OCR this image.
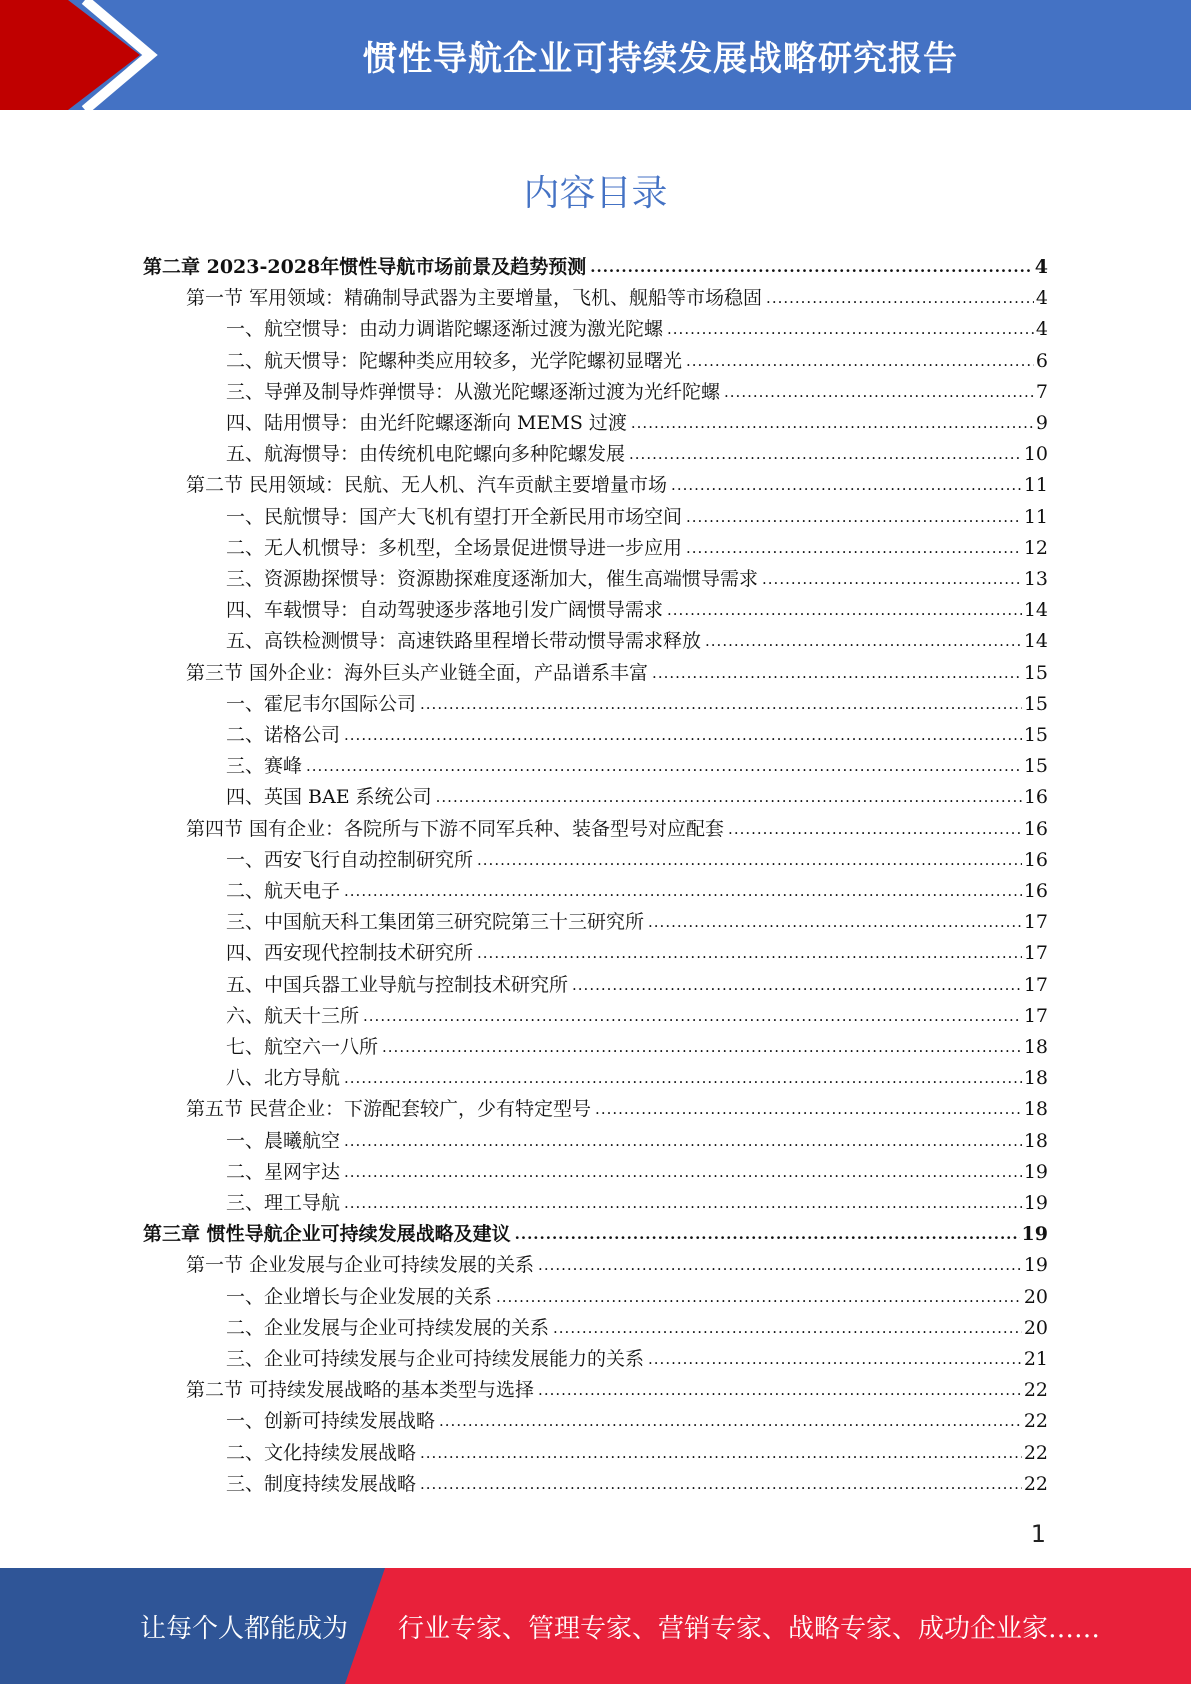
惯性导航企业可持续发展战略研究报告
内容目录
第二章 2023-2028年惯性导航市场前景及趋势预测 .....	4
第一节 军用领域：精确制导武器为主要增量，飞机、舰船等市场稳固 .....	4
一、航空惯导：由动力调谐陀螺逐渐过渡为激光陀螺 .....	4
二、航天惯导：陀螺种类应用较多，光学陀螺初显曙光 .....	6
三、导弹及制导炸弹惯导：从激光陀螺逐渐过渡为光纤陀螺 .....	7
四、陆用惯导：由光纤陀螺逐渐向 MEMS 过渡 .....	9
五、航海惯导：由传统机电陀螺向多种陀螺发展 .....	10
第二节 民用领域：民航、无人机、汽车贡献主要增量市场 .....	11
一、民航惯导：国产大飞机有望打开全新民用市场空间 .....	11
二、无人机惯导：多机型，全场景促进惯导进一步应用 .....	12
三、资源勘探惯导：资源勘探难度逐渐加大，催生高端惯导需求 .....	13
四、车载惯导：自动驾驶逐步落地引发广阔惯导需求 .....	14
五、高铁检测惯导：高速铁路里程增长带动惯导需求释放 .....	14
第三节 国外企业：海外巨头产业链全面，产品谱系丰富 .....	15
一、霍尼韦尔国际公司 .....	15
二、诺格公司 .....	15
三、赛峰 .....	15
四、英国 BAE 系统公司 .....	16
第四节 国有企业：各院所与下游不同军兵种、装备型号对应配套 .....	16
一、西安飞行自动控制研究所 .....	16
二、航天电子 .....	16
三、中国航天科工集团第三研究院第三十三研究所 .....	17
四、西安现代控制技术研究所 .....	17
五、中国兵器工业导航与控制技术研究所 .....	17
六、航天十三所 .....	17
七、航空六一八所 .....	18
八、北方导航 .....	18
第五节 民营企业：下游配套较广，少有特定型号 .....	18
一、晨曦航空 .....	18
二、星网宇达 .....	19
三、理工导航 .....	19
第三章 惯性导航企业可持续发展战略及建议 .....	19
第一节 企业发展与企业可持续发展的关系 .....	19
一、企业增长与企业发展的关系 .....	20
二、企业发展与企业可持续发展的关系 .....	20
三、企业可持续发展与企业可持续发展能力的关系 .....	21
第二节 可持续发展战略的基本类型与选择 .....	22
一、创新可持续发展战略 .....	22
二、文化持续发展战略 .....	22
三、制度持续发展战略 .....	22
1
让每个人都能成为 行业专家、管理专家、营销专家、战略专家、成功企业家……
